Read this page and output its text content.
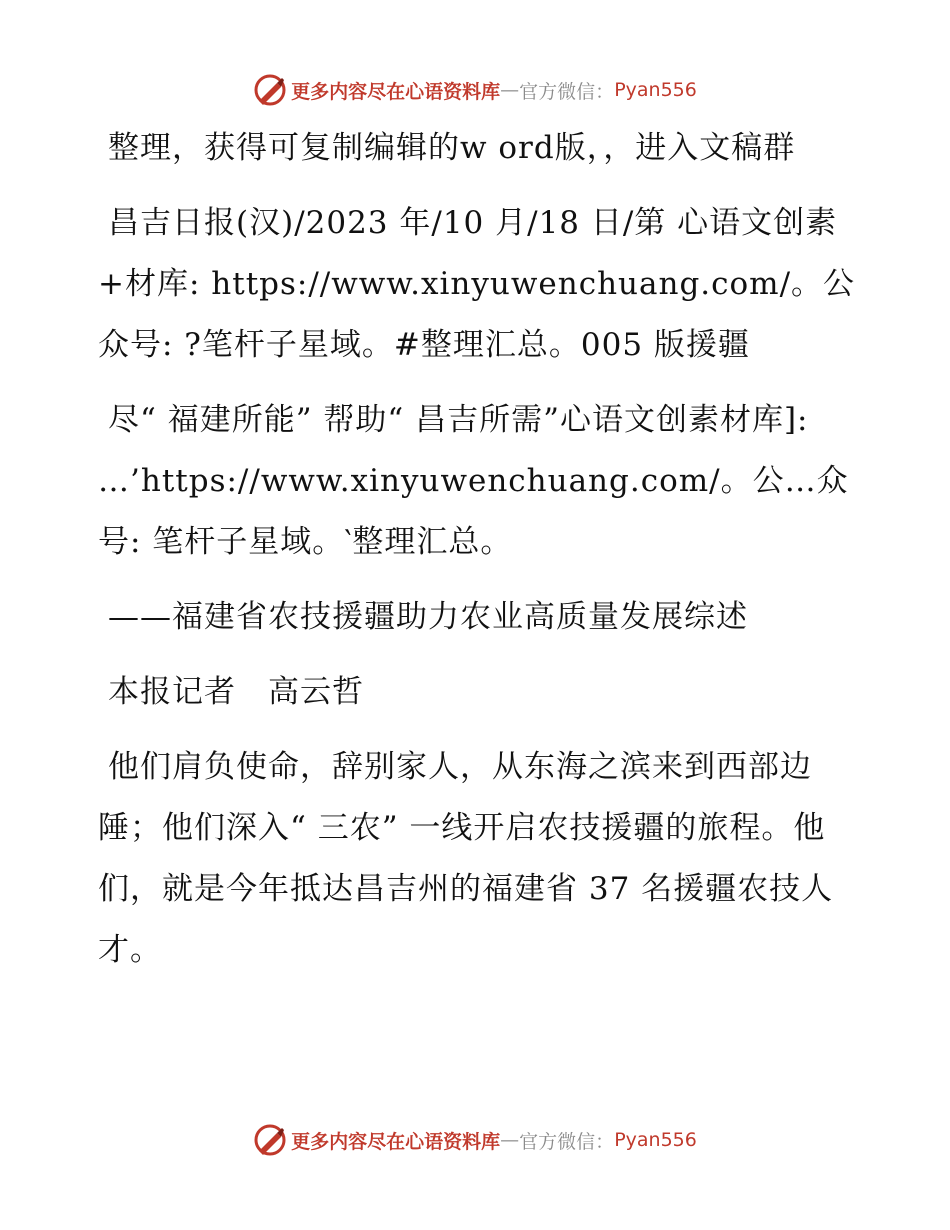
更多内容尽在心语资料库 — 官方微信： Pyan556

整理，获得可复制编辑的w ord版，，进入文稿群

昌吉日报(汉)/2023 年/10 月/18 日/第 心语文创素+材库: https://www.xinyuwenchuang.com/。公众号: ?笔杆子星域。#整理汇总。005 版援疆

尽“ 福建所能” 帮助“ 昌吉所需”心语文创素材库]: …’https://www.xinyuwenchuang.com/。公…众号: 笔杆子星域。‵整理汇总。

——福建省农技援疆助力农业高质量发展综述

本报记者　高云哲

他们肩负使命，辞别家人，从东海之滨来到西部边陲；他们深入“ 三农” 一线开启农技援疆的旅程。他们，就是今年抵达昌吉州的福建省 37 名援疆农技人才。

更多内容尽在心语资料库 — 官方微信： Pyan556
